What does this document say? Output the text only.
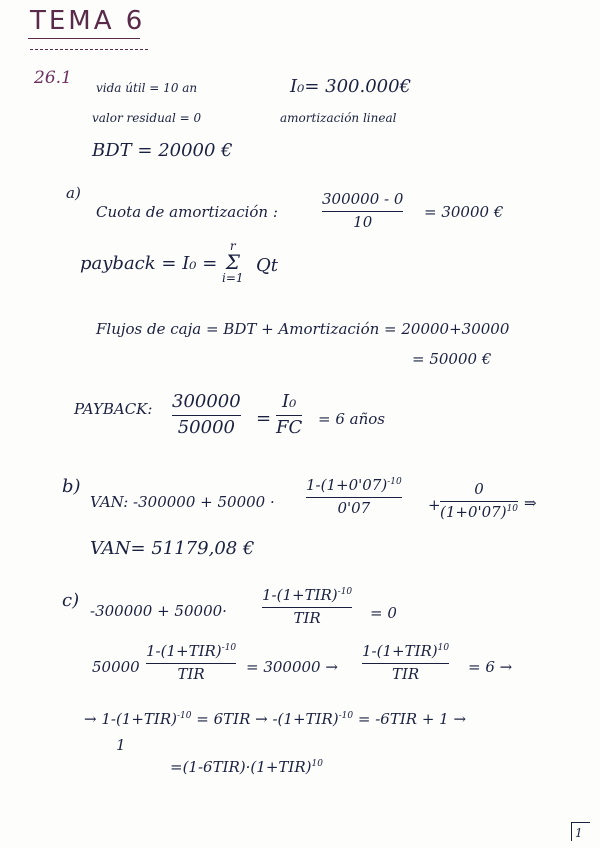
TEMA 6
26.1 vida útil = 10 an	I₀= 300.000€
valor residual = 0	amortización lineal
BDT = 20000 €
a)
Cuota de amortización :
300000 - 0
10
= 30000 €
payback = I₀ =
r
Σ
i=1
Qt
Flujos de caja = BDT + Amortización = 20000+30000
= 50000 €
PAYBACK: 300000
50000 =
I₀
FC = 6 años
b)
VAN: -300000 + 50000 ·
$1-(1+0'07)^{-10}$
0'07	+
0
$(1+0'07)^{10}$ ⇒
VAN= 51179,08 €
c) -300000 + 50000·
$1-(1+TIR)^{-10}$
TIR	= 0
50000
$1-(1+TIR)^{-10}$
TIR	= 300000 →
$1-(1+TIR)^{10}$
TIR	= 6 →
→ $1-(1+TIR)^{-10} = 6TIR \to -(1+TIR)^{-10} = -6TIR + 1$ →
1
$=(1-6TIR)\cdot(1+TIR)^{10}$
1
